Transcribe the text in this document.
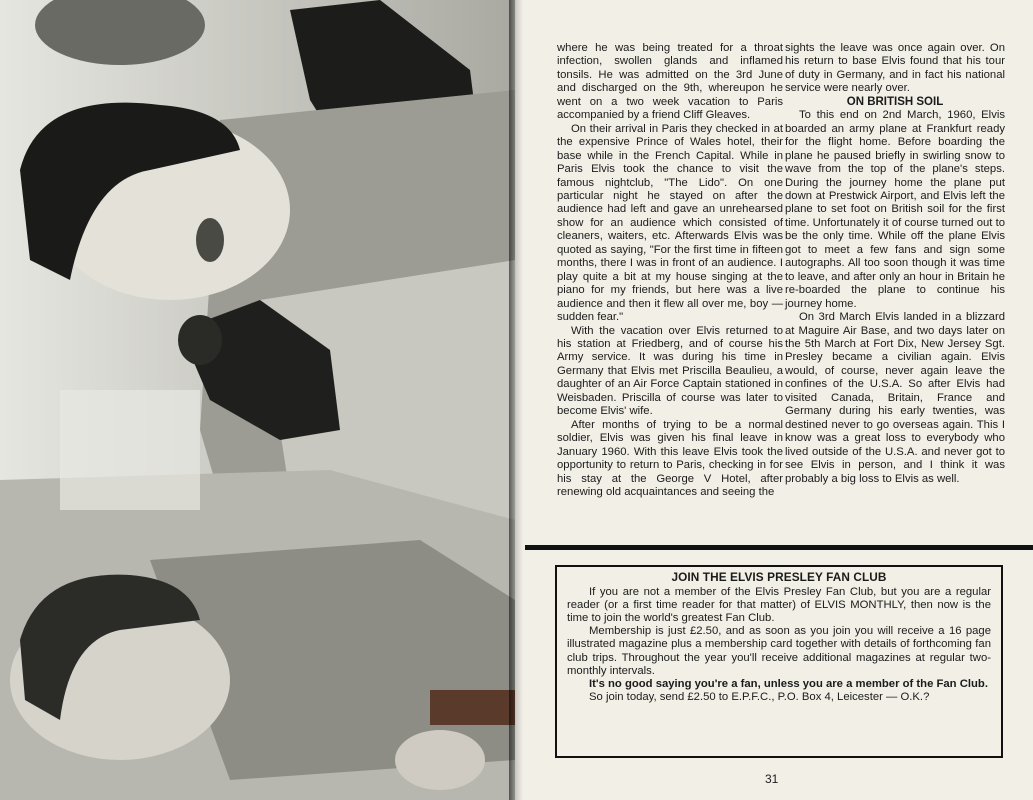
where he was being treated for a throat infection, swollen glands and inflamed tonsils. He was admitted on the 3rd June and discharged on the 9th, whereupon he went on a two week vacation to Paris accompanied by a friend Cliff Gleaves.

On their arrival in Paris they checked in at the expensive Prince of Wales hotel, their base while in the French Capital. While in Paris Elvis took the chance to visit the famous nightclub, "The Lido". On one particular night he stayed on after the audience had left and gave an unrehearsed show for an audience which consisted of cleaners, waiters, etc. Afterwards Elvis was quoted as saying, "For the first time in fifteen months, there I was in front of an audience. I play quite a bit at my house singing at the piano for my friends, but here was a live audience and then it flew all over me, boy — sudden fear."

With the vacation over Elvis returned to his station at Friedberg, and of course his Army service. It was during his time in Germany that Elvis met Priscilla Beaulieu, a daughter of an Air Force Captain stationed in Weisbaden. Priscilla of course was later to become Elvis' wife.

After months of trying to be a normal soldier, Elvis was given his final leave in January 1960. With this leave Elvis took the opportunity to return to Paris, checking in for his stay at the George V Hotel, after renewing old acquaintances and seeing the

sights the leave was once again over. On his return to base Elvis found that his tour of duty in Germany, and in fact his national service were nearly over.

ON BRITISH SOIL

To this end on 2nd March, 1960, Elvis boarded an army plane at Frankfurt ready for the flight home. Before boarding the plane he paused briefly in swirling snow to wave from the top of the plane's steps. During the journey home the plane put down at Prestwick Airport, and Elvis left the plane to set foot on British soil for the first time. Unfortunately it of course turned out to be the only time. While off the plane Elvis got to meet a few fans and sign some autographs. All too soon though it was time to leave, and after only an hour in Britain he re-boarded the plane to continue his journey home.

On 3rd March Elvis landed in a blizzard at Maguire Air Base, and two days later on the 5th March at Fort Dix, New Jersey Sgt. Presley became a civilian again. Elvis would, of course, never again leave the confines of the U.S.A. So after Elvis had visited Canada, Britain, France and Germany during his early twenties, was destined never to go overseas again. This I know was a great loss to everybody who lived outside of the U.S.A. and never got to see Elvis in person, and I think it was probably a big loss to Elvis as well.

JOIN THE ELVIS PRESLEY FAN CLUB

If you are not a member of the Elvis Presley Fan Club, but you are a regular reader (or a first time reader for that matter) of ELVIS MONTHLY, then now is the time to join the world's greatest Fan Club.

Membership is just £2.50, and as soon as you join you will receive a 16 page illustrated magazine plus a membership card together with details of forthcoming fan club trips. Throughout the year you'll receive additional magazines at regular two-monthly intervals.

It's no good saying you're a fan, unless you are a member of the Fan Club.

So join today, send £2.50 to E.P.F.C., P.O. Box 4, Leicester — O.K.?

31
